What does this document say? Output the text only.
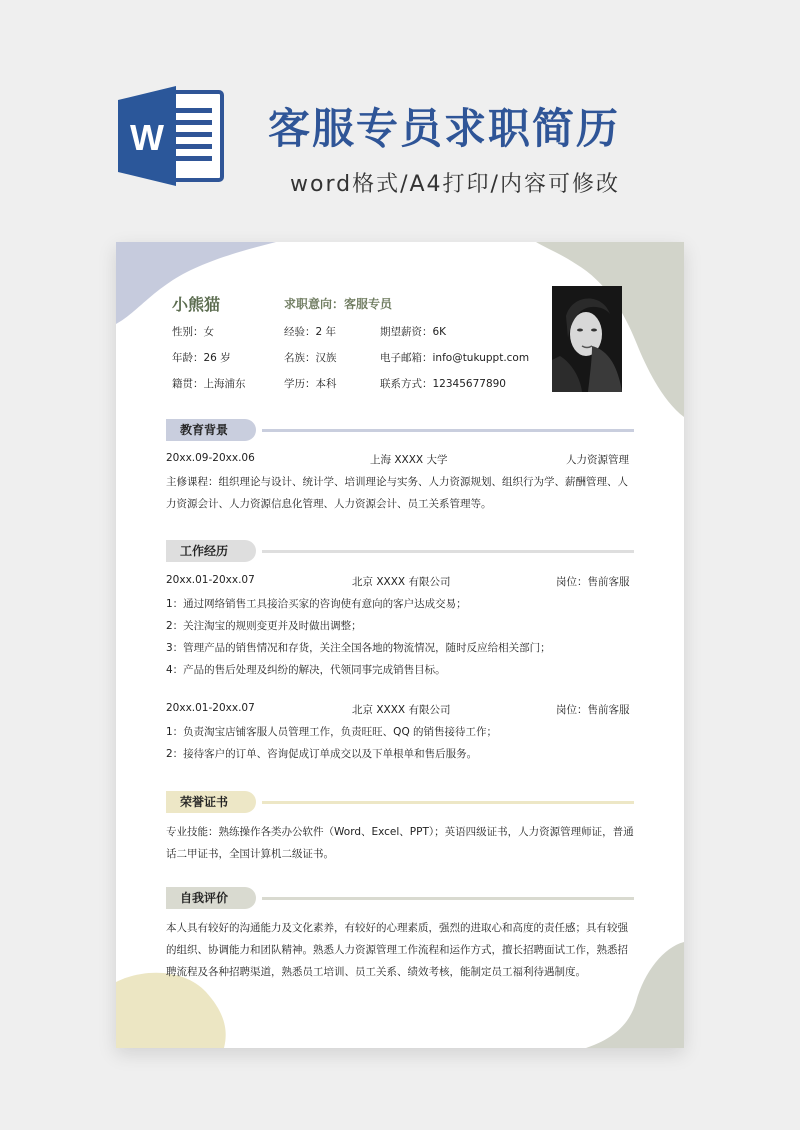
W 客服专员求职简历
word格式/A4打印/内容可修改
小熊猫	求职意向：客服专员
性别：女	经验：2 年	期望薪资：6K
年龄：26 岁	名族：汉族	电子邮箱：info@tukuppt.com
籍贯：上海浦东	学历：本科	联系方式：12345677890
教育背景
20xx.09-20xx.06	上海 XXXX 大学	人力资源管理
主修课程：组织理论与设计、统计学、培训理论与实务、人力资源规划、组织行为学、薪酬管理、人
力资源会计、人力资源信息化管理、人力资源会计、员工关系管理等。
工作经历
20xx.01-20xx.07	北京 XXXX 有限公司	岗位：售前客服
1：通过网络销售工具接洽买家的咨询使有意向的客户达成交易；
2：关注淘宝的规则变更并及时做出调整；
3：管理产品的销售情况和存货，关注全国各地的物流情况，随时反应给相关部门；
4：产品的售后处理及纠纷的解决，代领同事完成销售目标。
20xx.01-20xx.07	北京 XXXX 有限公司	岗位：售前客服
1：负责淘宝店铺客服人员管理工作，负责旺旺、QQ 的销售接待工作；
2：接待客户的订单、咨询促成订单成交以及下单根单和售后服务。
荣誉证书
专业技能：熟练操作各类办公软件（Word、Excel、PPT）；英语四级证书，人力资源管理师证，普通
话二甲证书，全国计算机二级证书。
自我评价
本人具有较好的沟通能力及文化素养，有较好的心理素质，强烈的进取心和高度的责任感；具有较强
的组织、协调能力和团队精神。熟悉人力资源管理工作流程和运作方式，擅长招聘面试工作，熟悉招
聘流程及各种招聘渠道，熟悉员工培训、员工关系、绩效考核，能制定员工福利待遇制度。
